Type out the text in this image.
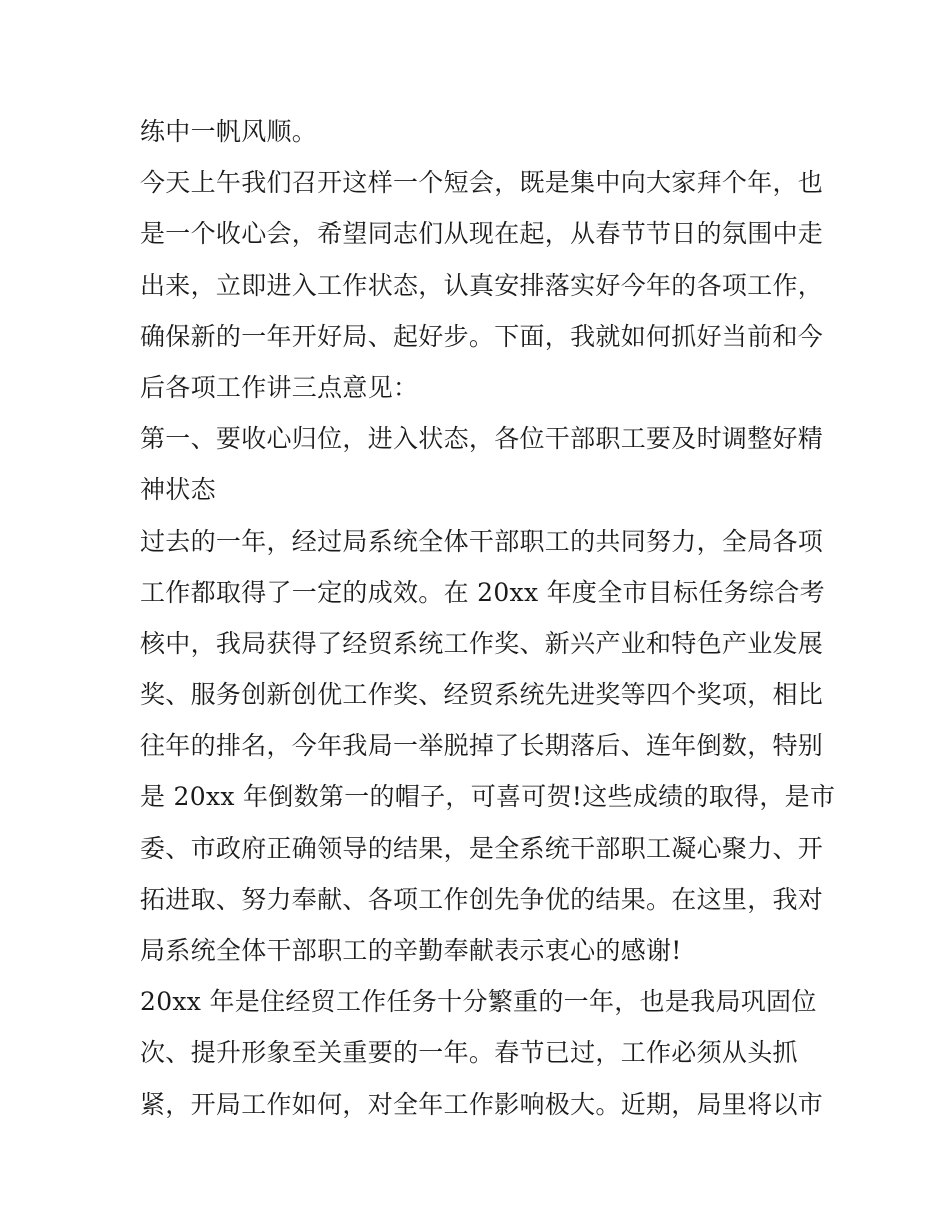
练中一帆风顺。
今天上午我们召开这样一个短会，既是集中向大家拜个年，也
是一个收心会，希望同志们从现在起，从春节节日的氛围中走
出来，立即进入工作状态，认真安排落实好今年的各项工作，
确保新的一年开好局、起好步。下面，我就如何抓好当前和今
后各项工作讲三点意见：
第一、要收心归位，进入状态，各位干部职工要及时调整好精
神状态
过去的一年，经过局系统全体干部职工的共同努力，全局各项
工作都取得了一定的成效。在 20xx 年度全市目标任务综合考
核中，我局获得了经贸系统工作奖、新兴产业和特色产业发展
奖、服务创新创优工作奖、经贸系统先进奖等四个奖项，相比
往年的排名，今年我局一举脱掉了长期落后、连年倒数，特别
是 20xx 年倒数第一的帽子，可喜可贺!这些成绩的取得，是市
委、市政府正确领导的结果，是全系统干部职工凝心聚力、开
拓进取、努力奉献、各项工作创先争优的结果。在这里，我对
局系统全体干部职工的辛勤奉献表示衷心的感谢!
20xx 年是住经贸工作任务十分繁重的一年，也是我局巩固位
次、提升形象至关重要的一年。春节已过，工作必须从头抓
紧，开局工作如何，对全年工作影响极大。近期，局里将以市
